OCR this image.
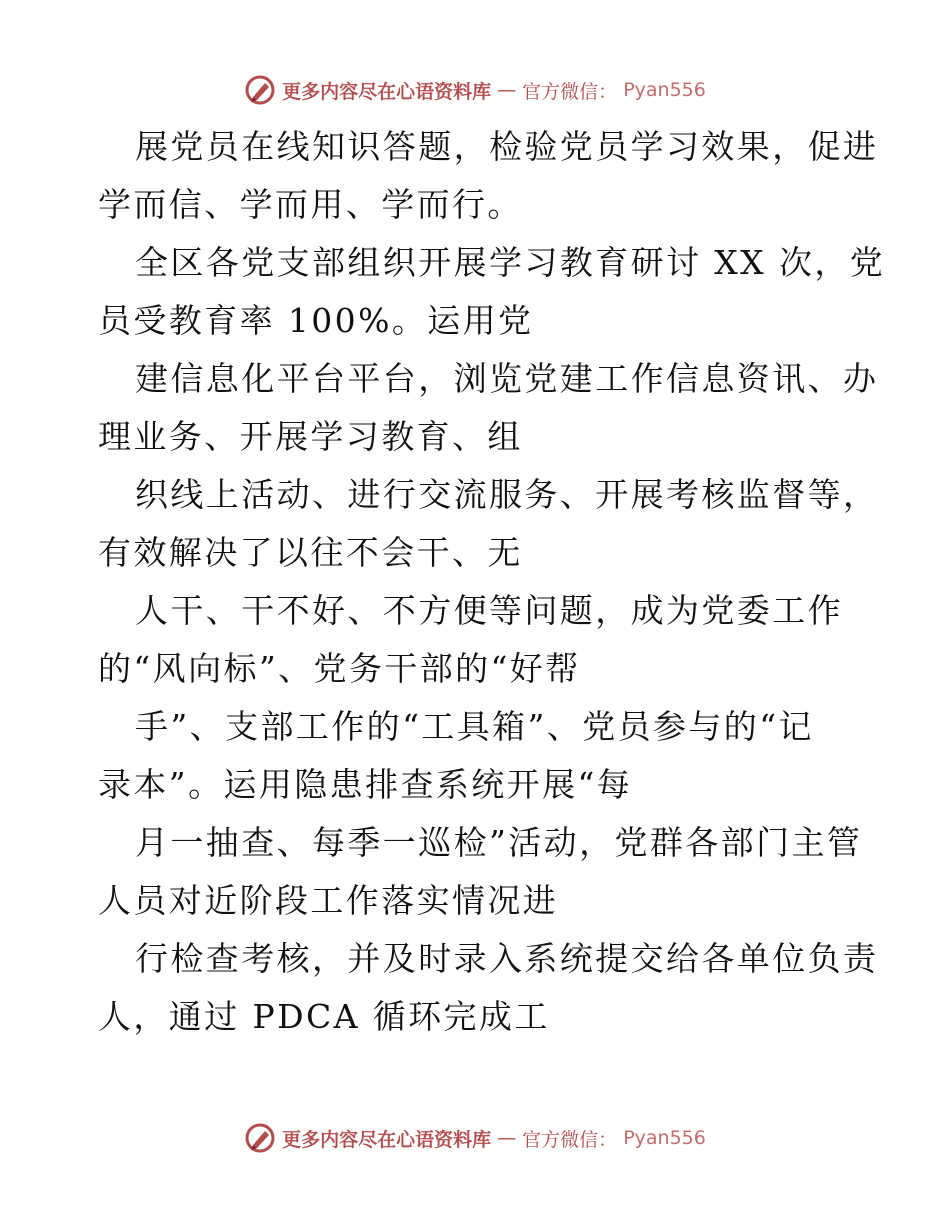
更多内容尽在心语资料库 — 官方微信： Pyan556
展党员在线知识答题，检验党员学习效果，促进
学而信、学而用、学而行。
全区各党支部组织开展学习教育研讨 XX 次，党
员受教育率 100%。运用党
建信息化平台平台，浏览党建工作信息资讯、办
理业务、开展学习教育、组
织线上活动、进行交流服务、开展考核监督等，
有效解决了以往不会干、无
人干、干不好、不方便等问题，成为党委工作
的“风向标”、党务干部的“好帮
手”、支部工作的“工具箱”、党员参与的“记
录本”。运用隐患排查系统开展“每
月一抽查、每季一巡检”活动，党群各部门主管
人员对近阶段工作落实情况进
行检查考核，并及时录入系统提交给各单位负责
人，通过 PDCA 循环完成工
更多内容尽在心语资料库 — 官方微信： Pyan556
